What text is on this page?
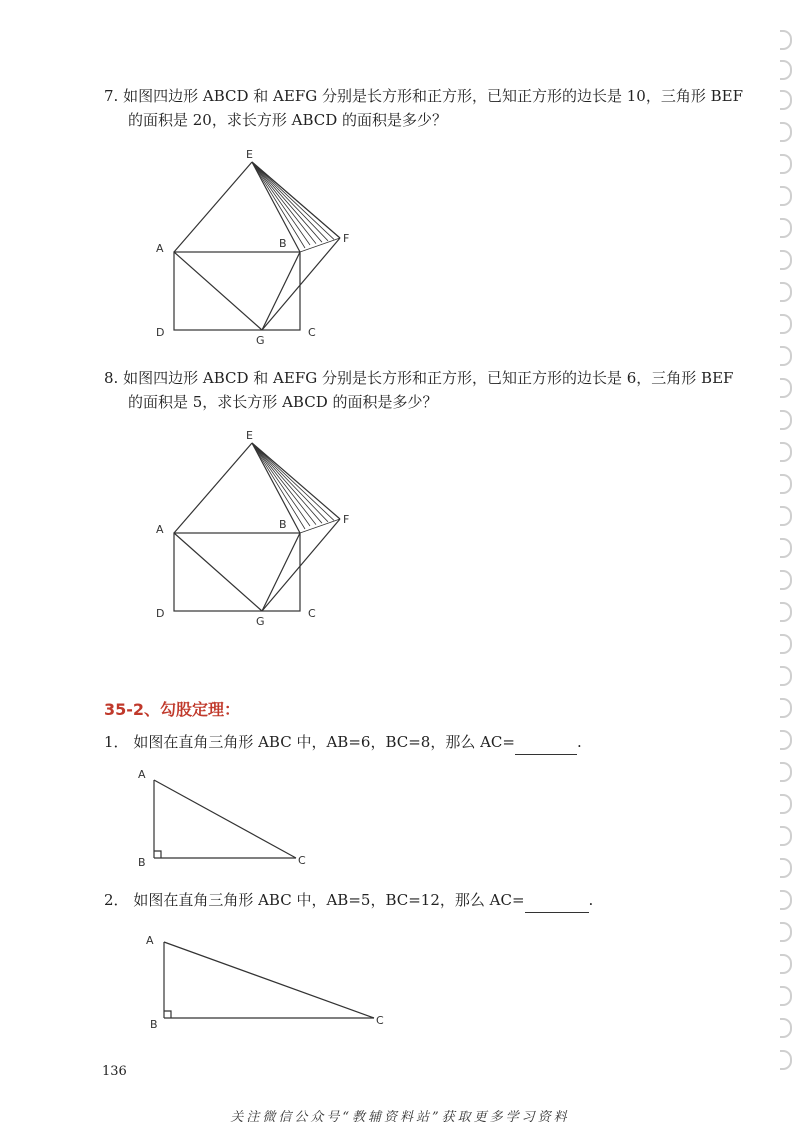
7. 如图四边形 ABCD 和 AEFG 分别是长方形和正方形，已知正方形的边长是 10，三角形 BEF
的面积是 20，求长方形 ABCD 的面积是多少？

E
A	B	F
D
G
C

8. 如图四边形 ABCD 和 AEFG 分别是长方形和正方形，已知正方形的边长是 6，三角形 BEF
的面积是 5，求长方形 ABCD 的面积是多少？

E
A	B	F
D
G
C
35-2、勾股定理：

1． 如图在直角三角形 ABC 中，AB=6，BC=8，那么 AC=	.

A
B	C

2． 如图在直角三角形 ABC 中，AB=5，BC=12，那么 AC=	.

A
B	C
136
关注微信公众号“教辅资料站”获取更多学习资料
